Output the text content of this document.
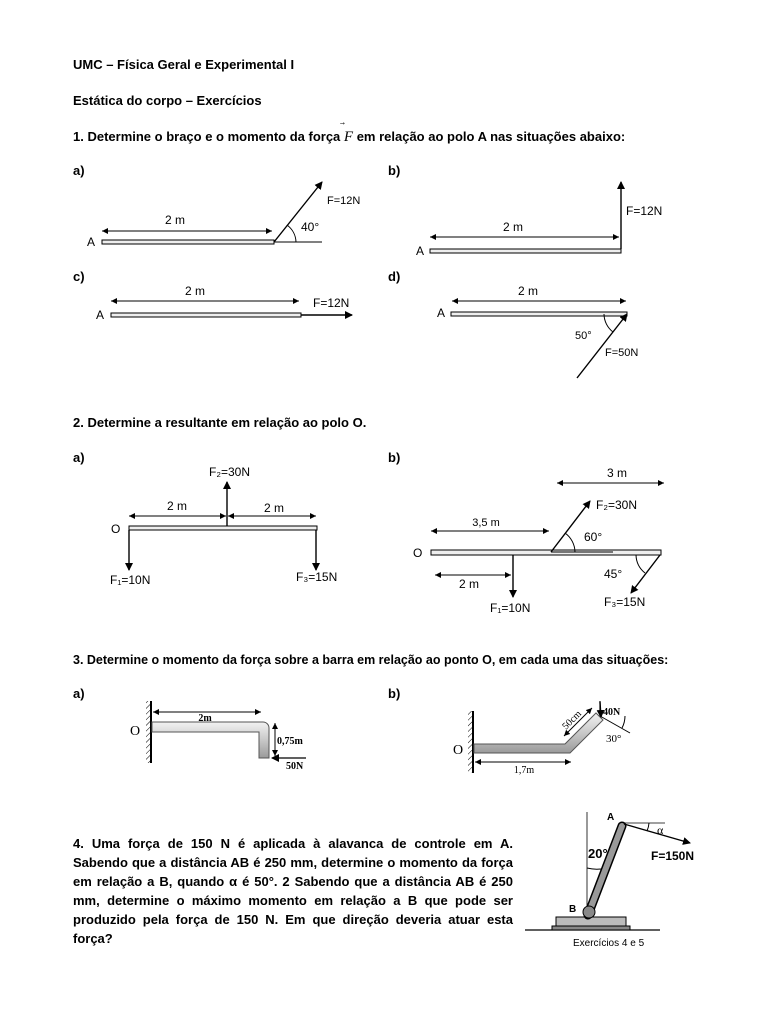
UMC – Física Geral e Experimental I
Estática do corpo – Exercícios
1. Determine o braço e o momento da força F
em relação ao polo A nas situações abaixo:
a)	b)
c)	d)
2. Determine a resultante em relação ao polo O.
a)	b)
3. Determine o momento da força sobre a barra em relação ao ponto O, em cada uma das situações:
a)	b)
4. Uma força de 150 N é aplicada à alavanca de controle em A. Sabendo que a distância AB é 250 mm, determine o momento da força em relação a B, quando α é 50°. 2 Sabendo que a distância AB é 250 mm, determine o máximo momento em relação a B que pode ser produzido pela força de 150 N. Em que direção deveria atuar esta força?
2 m
A
40°
F=12N
2 m
A
F=12N
2 m
A
F=12N
2 m
A
50°
F=50N
2 m	2 m
O
F₂=30N
F₁=10N	F₃=15N
3 m
3,5 m
O
60°
F₂=30N
2 m
F₁=10N
45°
F₃=15N
O
2m
0,75m
50N
O
1,7m
50cm 40N
30°
A
B
20°
α
F=150N
Exercícios 4 e 5
